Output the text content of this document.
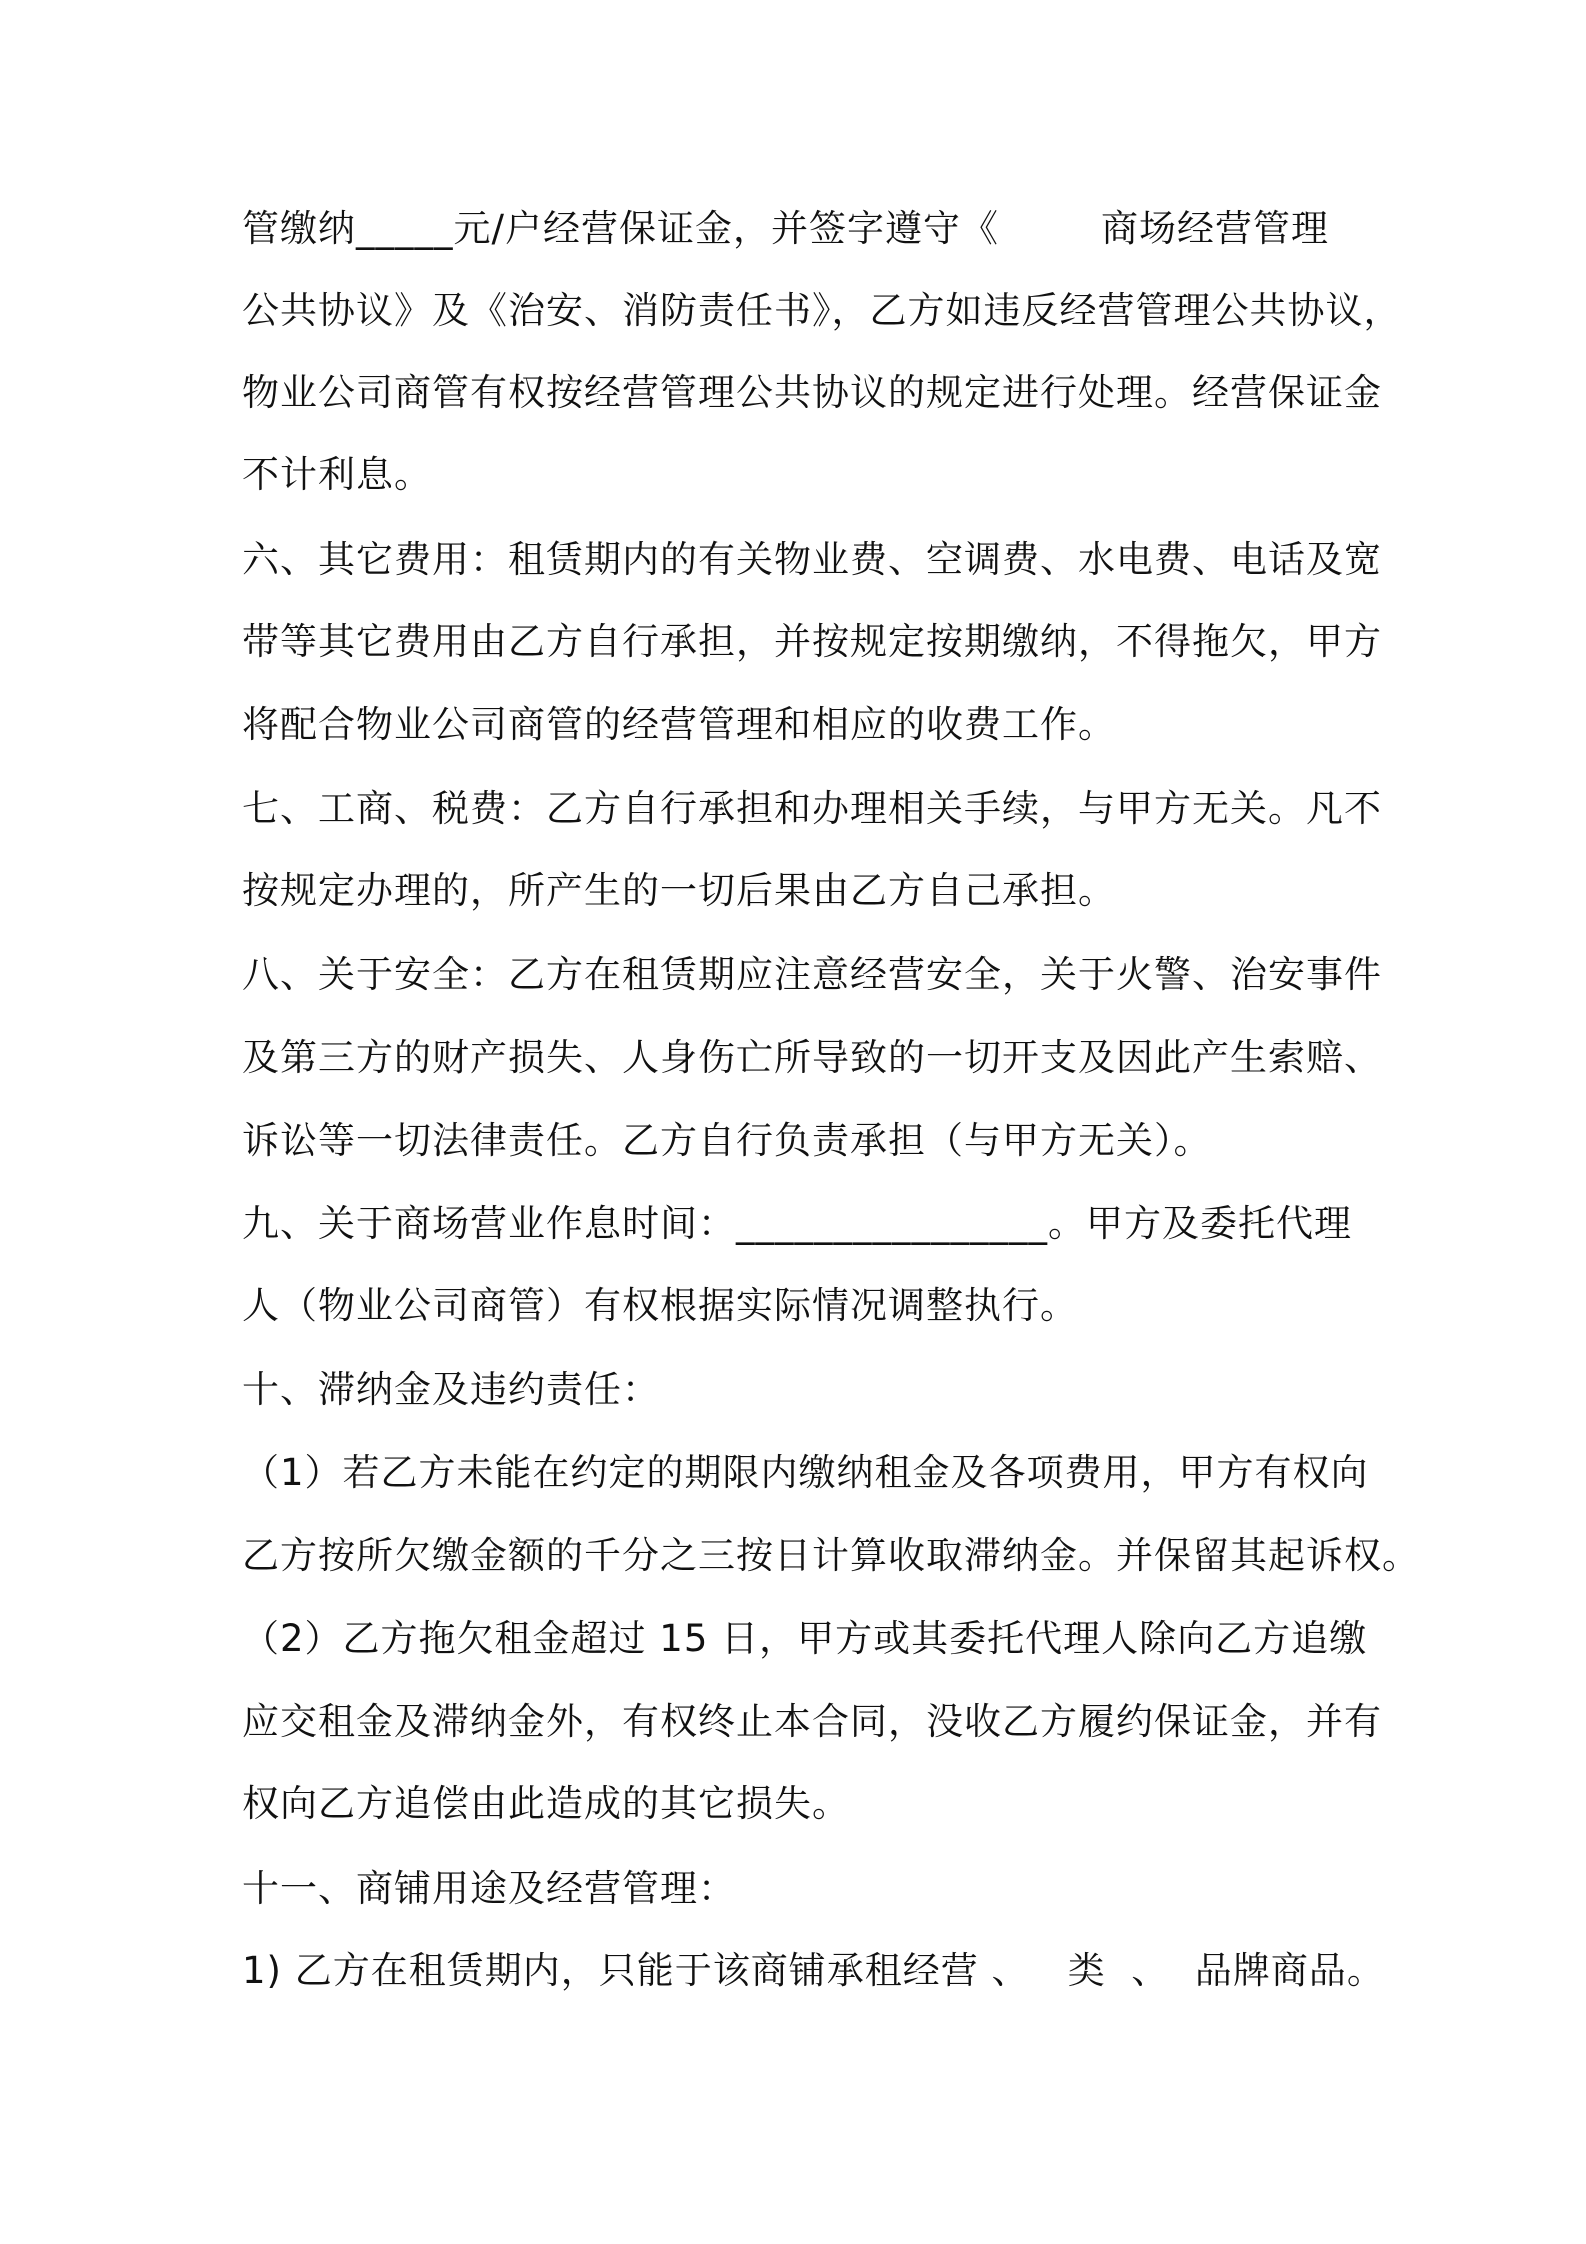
管缴纳_____元/户经营保证金，并签字遵守《        商场经营管理
公共协议》及《治安、消防责任书》，乙方如违反经营管理公共协议，
物业公司商管有权按经营管理公共协议的规定进行处理。经营保证金
不计利息。
六、其它费用：租赁期内的有关物业费、空调费、水电费、电话及宽
带等其它费用由乙方自行承担，并按规定按期缴纳，不得拖欠，甲方
将配合物业公司商管的经营管理和相应的收费工作。
七、工商、税费：乙方自行承担和办理相关手续，与甲方无关。凡不
按规定办理的，所产生的一切后果由乙方自己承担。
八、关于安全：乙方在租赁期应注意经营安全，关于火警、治安事件
及第三方的财产损失、人身伤亡所导致的一切开支及因此产生索赔、
诉讼等一切法律责任。乙方自行负责承担（与甲方无关）。
九、关于商场营业作息时间：________________。甲方及委托代理
人（物业公司商管）有权根据实际情况调整执行。
十、滞纳金及违约责任：
（1）若乙方未能在约定的期限内缴纳租金及各项费用，甲方有权向
乙方按所欠缴金额的千分之三按日计算收取滞纳金。并保留其起诉权。
（2）乙方拖欠租金超过 15 日，甲方或其委托代理人除向乙方追缴
应交租金及滞纳金外，有权终止本合同，没收乙方履约保证金，并有
权向乙方追偿由此造成的其它损失。
十一、商铺用途及经营管理：
1) 乙方在租赁期内，只能于该商铺承租经营 、   类  、  品牌商品。
